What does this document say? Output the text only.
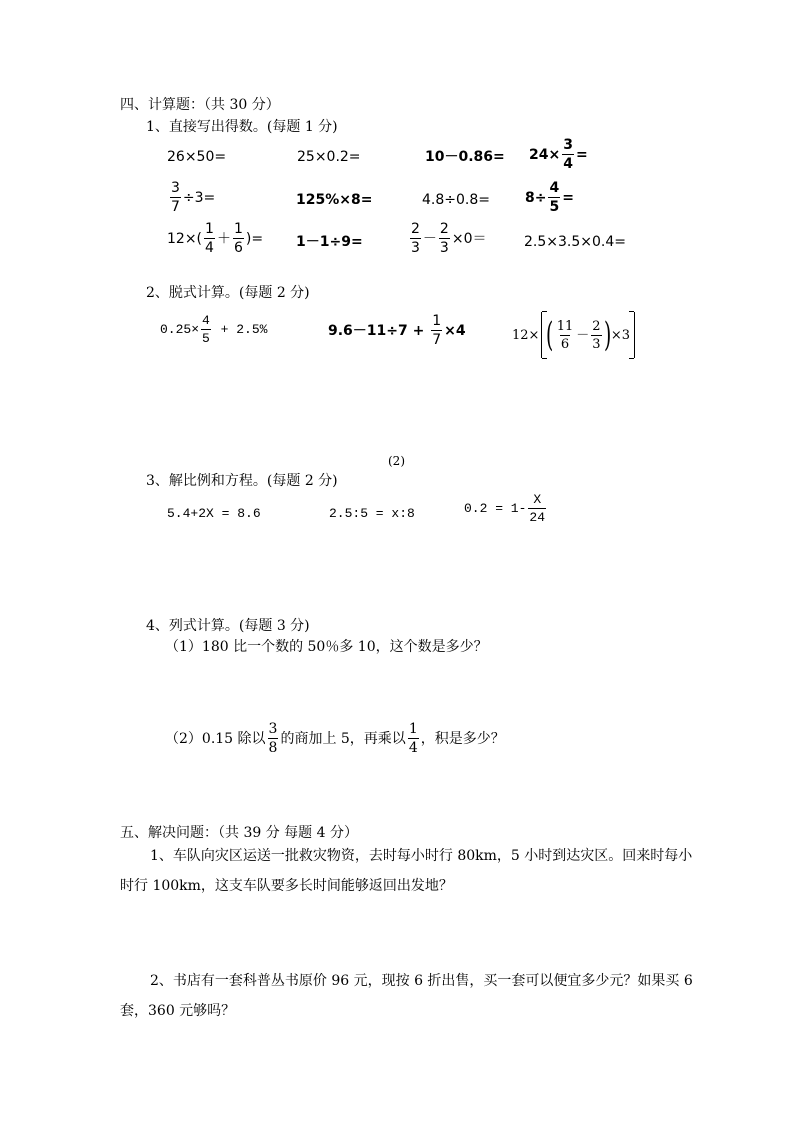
四、计算题：（共 30 分）
1、直接写出得数。(每题 1 分)
26×50=	25×0.2=	$10-0.86= 24\times \frac{3}{4}$ =
$\frac{3}{7} \div 3=$	125%×8=	4.8÷0.8=	$8\div \frac{4}{5}$ =
$12\times( \frac{1}{4} + \frac{1}{6}$ )= 1－1÷9=	$\frac{2}{3} - \frac{2}{3} \times 0=$	2.5×3.5×0.4=
2、脱式计算。(每题 2 分)
$0.25\times \frac{4}{5} + 2.5\%$	$9.6-11\div 7 + \frac{1}{7} \times 4$	12× ( $\frac{11}{6} - \frac{2}{3}$ ) ×3
(2)
3、解比例和方程。(每题 2 分)
5.4+2X = 8.6	2.5:5 = x:8	$0.2 = 1- \frac{X}{24}$
4、列式计算。(每题 3 分)
（1）180 比一个数的 50％多 10，这个数是多少？
（2）0.15 除以 $\frac{3}{8}$ 的商加上 5，再乘以 $\frac{1}{4}$ ，积是多少？
五、解决问题：（共 39 分 每题 4 分）
1、车队向灾区运送一批救灾物资，去时每小时行 80km，5 小时到达灾区。回来时每小时行 100km，这支车队要多长时间能够返回出发地？
2、书店有一套科普丛书原价 96 元，现按 6 折出售，买一套可以便宜多少元？如果买 6 套，360 元够吗？
